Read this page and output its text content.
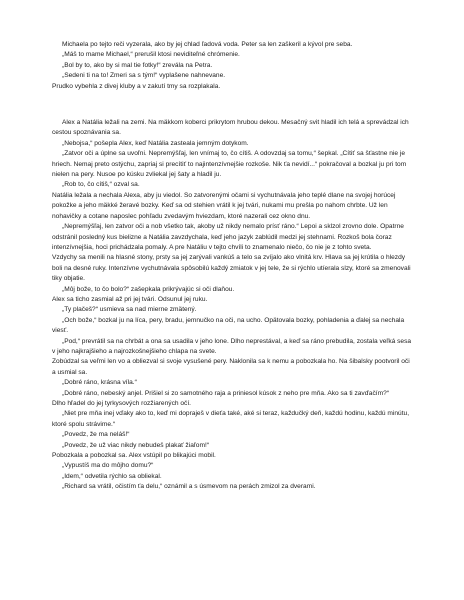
Michaela po tejto reči vyzerala, ako by jej chlad ľadová voda. Peter sa len zaškeril a kývol pre seba.

„Máš to mame Michael,“ prerušil ktosi neviditeľné chrómenie.

„Bol by to, ako by si mal tie fotky!“ zreválа na Petra.

„Sedeni ti na to! Zmeri sa s tým!“ vyplašene nahnevane.

Prudko vybehla z divej kluby a v zakutí tmy sa rozplakala.

Alex a Natália ležali na zemi. Na mäkkom koberci prikrytom hrubou dekou. Mesačný svit hladil ich telá a sprevádzal ich cestou spoznávania sa.

„Nebojsa,“ pošepla Alex, keď Natália zasteala jemným dotykom.

„Zatvor oči a úplne sa uvoľni. Nepremýšľaj, len vnímaj to, čo cítiš. A odovzdaj sa tomu,“ šepkal. „Cítiť sa šťastne nie je hriech. Nemaj preto ostýchu, zapriaj si precítiť to najintenzívnejšie rozkoše. Nik ťa nevidí...“ pokračoval a bozkal ju pri tom nielen na pery. Nusoe po kúsku zvliekal jej šaty a hladil ju.

„Rob to, čo cítiš,“ ozval sa.

Natália ležala a nechala Alexa, aby ju viedol. So zatvorenými očami si vychutnávala jeho teplé dlane na svojej horúcej pokožke a jeho mäkké žeravé bozky. Keď sa od stehien vrátil k jej tvári, nukami mu prešla po nahom chrbte. Už len nohavičky a cotane naposlec pohľadu zvedavým hviezdam, ktoré nazerali cez okno dnu.

„Nepremýšľaj, len zatvor oči a nob všetko tak, akoby už nikdy nemalo prísť ráno.“ Lepoi a sklzol zrovno dole. Opatrne odstránil posledný kus bielizne a Natália zavzdychala, keď jeho jazyk zablúdil medzi jej stehnami. Rozkoš bola čoraz intenzívnejšia, hoci prichádzala pomaly. A pre Natáliu v tejto chvíli to znamenalo niečo, čo nie je z tohto sveta.

Vzdychy sa menili na hlasné stony, prsty sa jej zarývali vankúš a telo sa zvíjalo ako vlnitá krv. Hlava sa jej krútila o hlezdy boli na desné ruky. Intenzívne vychutnávala spôsobilú každý zmiatok v jej tele, že si rýchlo utíerala slzy, ktoré sa zmenovali tiky objatie.

„Môj bože, to čo bolo?“ zašepkala prikrývajúc si oči dlaňou.

Alex sa ticho zasmial až pri jej tvári. Odsunul jej ruku.

„Ty plačeš?“ usmieva sa nad mierne zmätený.

„Och bože,“ bozkal ju na líca, pery, bradu, jemnučko na oči, na ucho. Opätovala bozky, pohladenia a ďalej sa nechala viesť.

„Pod,“ prevrátil sa na chrbát a ona sa usadila v jeho lone. Dlho neprestával, a keď sa ráno prebudila, zostala veľká sesa v jeho najkrajšieho a najrozkošnejšieho chlapa na svete.

Zobúdzal sa veľmi len vo a obliezval si svoje vysušené pery. Naklonila sa k nemu a pobozkala ho. Na šibalsky pootvoril oči a usmial sa.

„Dobré ráno, krásna víla.“

„Dobré ráno, nebeský anjel. Prišiel si zo samotného raja a priniesol kúsok z neho pre mňa. Ako sa ti zavďačím?“

Dlho hľadel do jej tyrkysových rozžiarených očí.

„Niet pre mňa inej vďaky ako to, keď mi dopraješ v dieťa také, aké si teraz, každučký deň, každú hodinu, každú minútu, ktoré spolu strávime.“

„Povedz, že ma neláš!“

„Povedz, že už viac nikdy nebudeš plakať žiaľom!“

Pobozkala a pobozkal sa. Alex vstúpil po blikajúci mobil.

„Vypustíš ma do môjho domu?“

„Idem,“ odvetila rýchlo sa obliekal.

„Richard sa vrátil, očistím ťa delu,“ oznámil a s úsmevom na perách zmizol za dverami.
